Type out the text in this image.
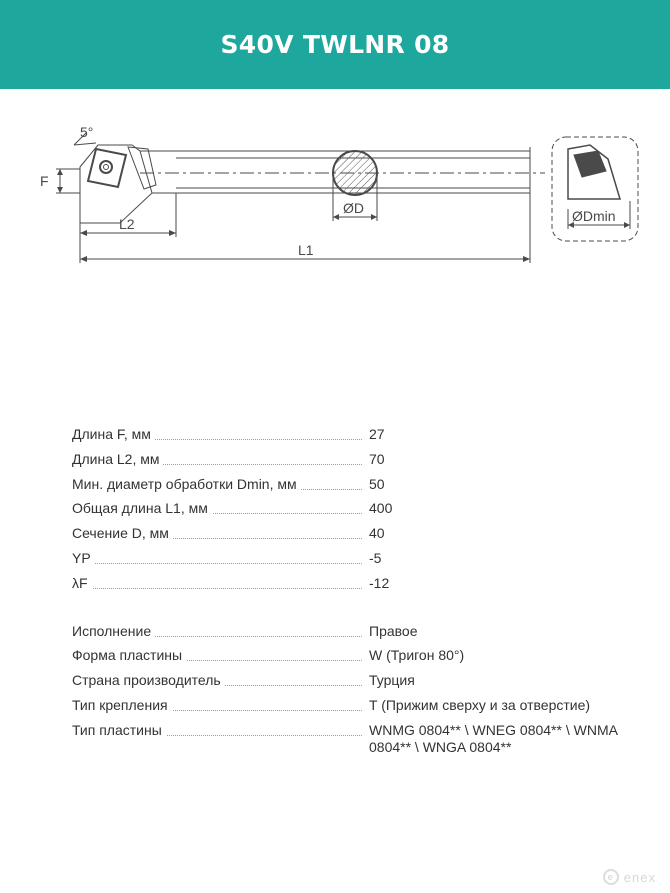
S40V TWLNR 08
5°
F
L2
L1
ØD	ØDmin
Длина F, мм	27
Длина L2, мм	70
Мин. диаметр обработки Dmin, мм	50
Общая длина L1, мм	400
Сечение D, мм	40
YP	-5
λF	-12
Исполнение	Правое
Форма пластины	W (Тригон 80°)
Страна производитель	Турция
Тип крепления	T (Прижим сверху и за отверстие)
Тип пластины	WNMG 0804** \ WNEG 0804** \ WNMA 0804** \ WNGA 0804**
e enex
